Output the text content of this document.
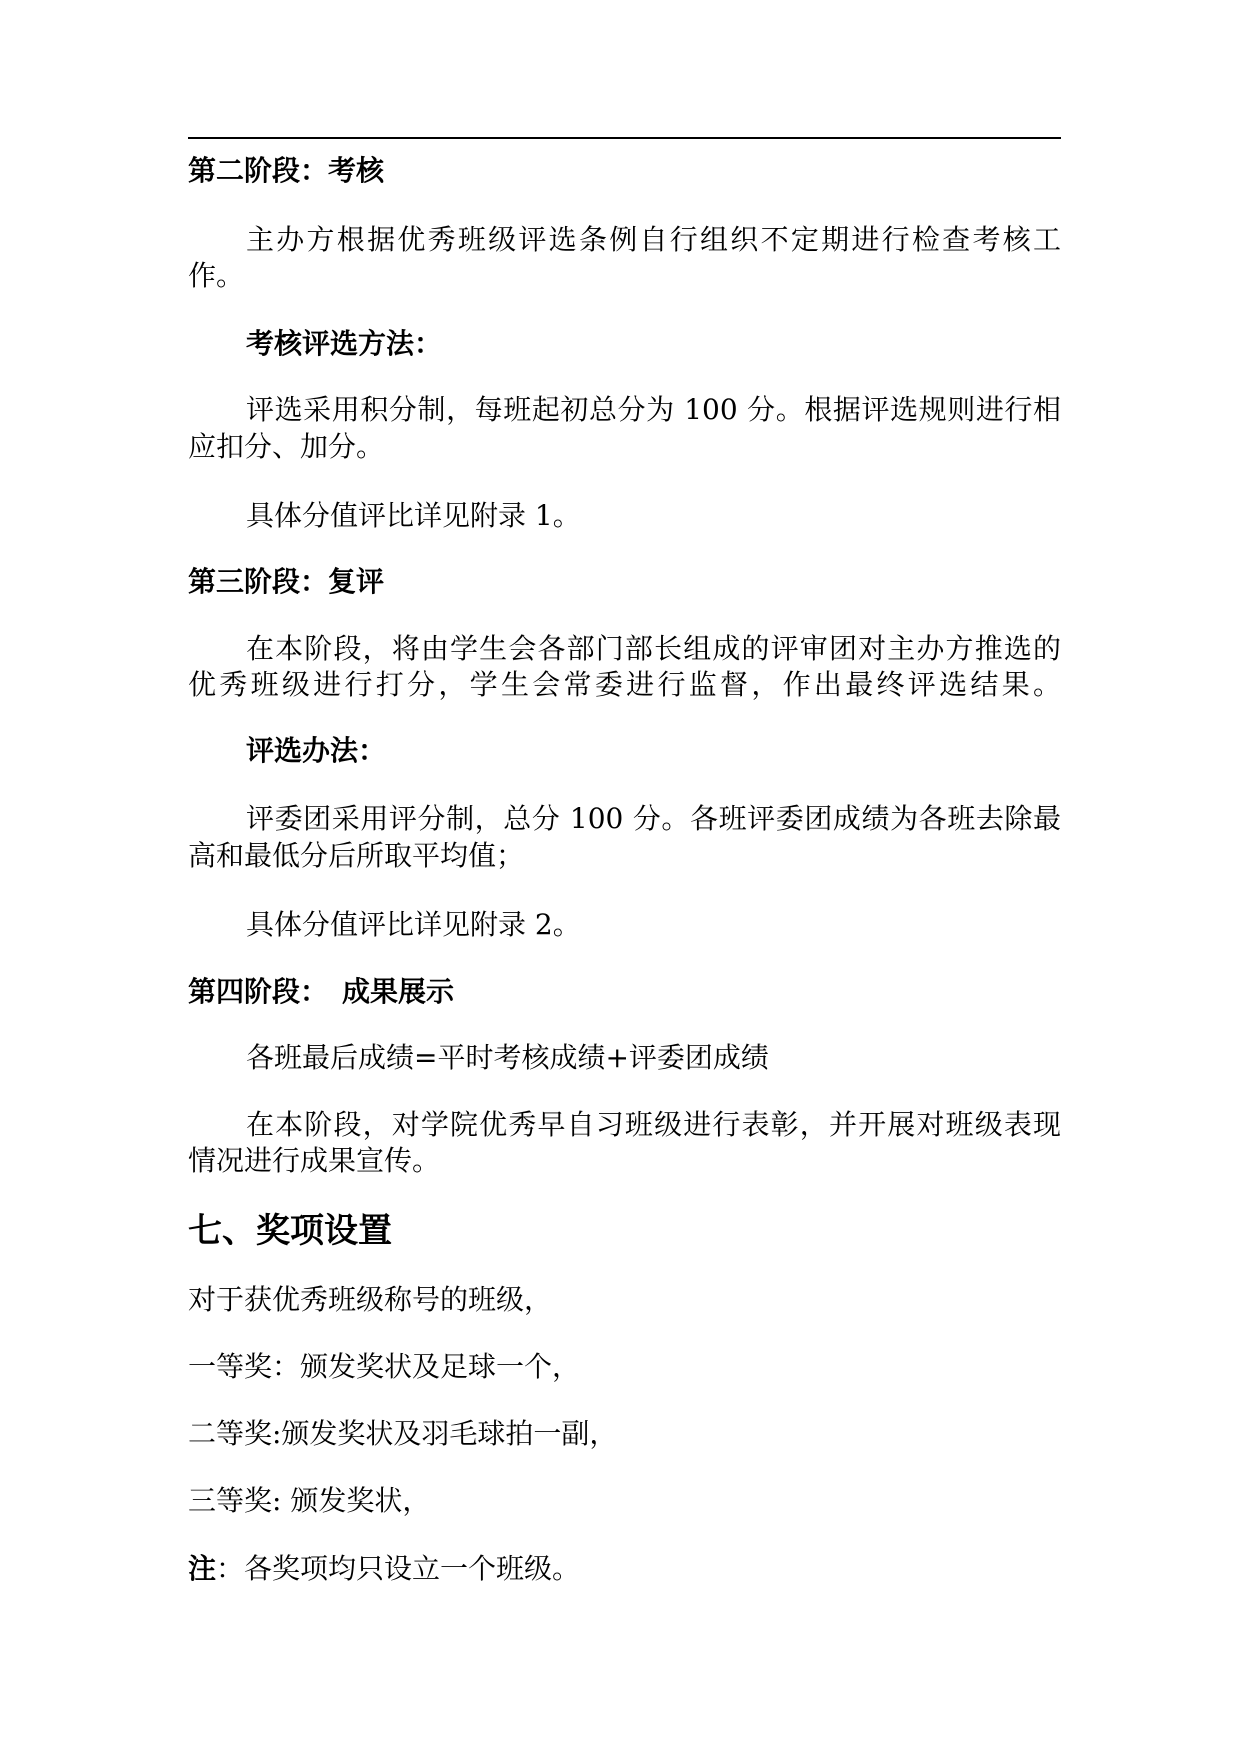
第二阶段：考核
主办方根据优秀班级评选条例自行组织不定期进行检查考核工
作。
考核评选方法：
评选采用积分制，每班起初总分为 100 分。根据评选规则进行相
应扣分、加分。
具体分值评比详见附录 1。
第三阶段：复评
在本阶段，将由学生会各部门部长组成的评审团对主办方推选的
优秀班级进行打分，学生会常委进行监督，作出最终评选结果。
评选办法：
评委团采用评分制，总分 100 分。各班评委团成绩为各班去除最
高和最低分后所取平均值；
具体分值评比详见附录 2。
第四阶段：　成果展示
各班最后成绩=平时考核成绩+评委团成绩
在本阶段，对学院优秀早自习班级进行表彰，并开展对班级表现
情况进行成果宣传。
七、奖项设置
对于获优秀班级称号的班级，
一等奖：颁发奖状及足球一个，
二等奖:颁发奖状及羽毛球拍一副，
三等奖: 颁发奖状，
注：各奖项均只设立一个班级。
